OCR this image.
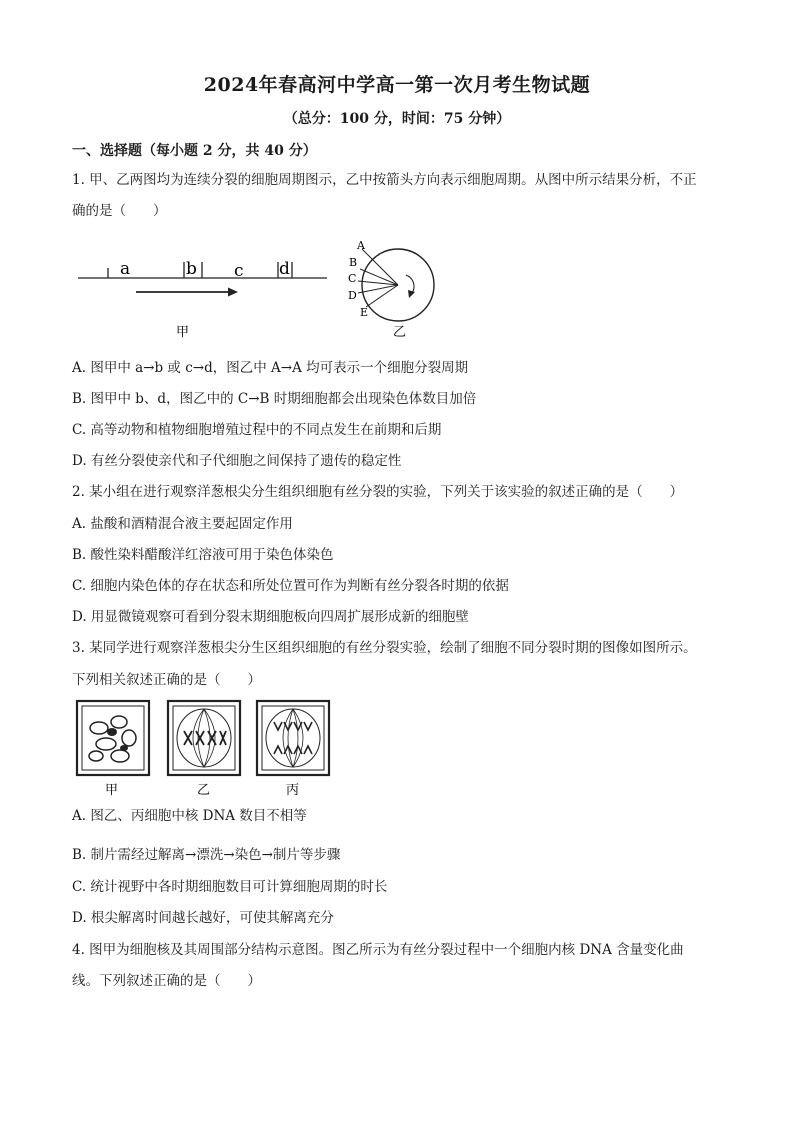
2024年春高河中学高一第一次月考生物试题
（总分：100 分，时间：75 分钟）
一、选择题（每小题 2 分，共 40 分）
1. 甲、乙两图均为连续分裂的细胞周期图示，乙中按箭头方向表示细胞周期。从图中所示结果分析，不正
确的是（　　）
a	b c d
甲
A
B
C
D
E
乙
A. 图甲中 a→b 或 c→d，图乙中 A→A 均可表示一个细胞分裂周期
B. 图甲中 b、d，图乙中的 C→B 时期细胞都会出现染色体数目加倍
C. 高等动物和植物细胞增殖过程中的不同点发生在前期和后期
D. 有丝分裂使亲代和子代细胞之间保持了遗传的稳定性
2. 某小组在进行观察洋葱根尖分生组织细胞有丝分裂的实验，下列关于该实验的叙述正确的是（　　）
A. 盐酸和酒精混合液主要起固定作用
B. 酸性染料醋酸洋红溶液可用于染色体染色
C. 细胞内染色体的存在状态和所处位置可作为判断有丝分裂各时期的依据
D. 用显微镜观察可看到分裂末期细胞板向四周扩展形成新的细胞壁
3. 某同学进行观察洋葱根尖分生区组织细胞的有丝分裂实验，绘制了细胞不同分裂时期的图像如图所示。
下列相关叙述正确的是（　　）
甲	乙	丙
A. 图乙、丙细胞中核 DNA 数目不相等
B. 制片需经过解离→漂洗→染色→制片等步骤
C. 统计视野中各时期细胞数目可计算细胞周期的时长
D. 根尖解离时间越长越好，可使其解离充分
4. 图甲为细胞核及其周围部分结构示意图。图乙所示为有丝分裂过程中一个细胞内核 DNA 含量变化曲
线。下列叙述正确的是（　　）
